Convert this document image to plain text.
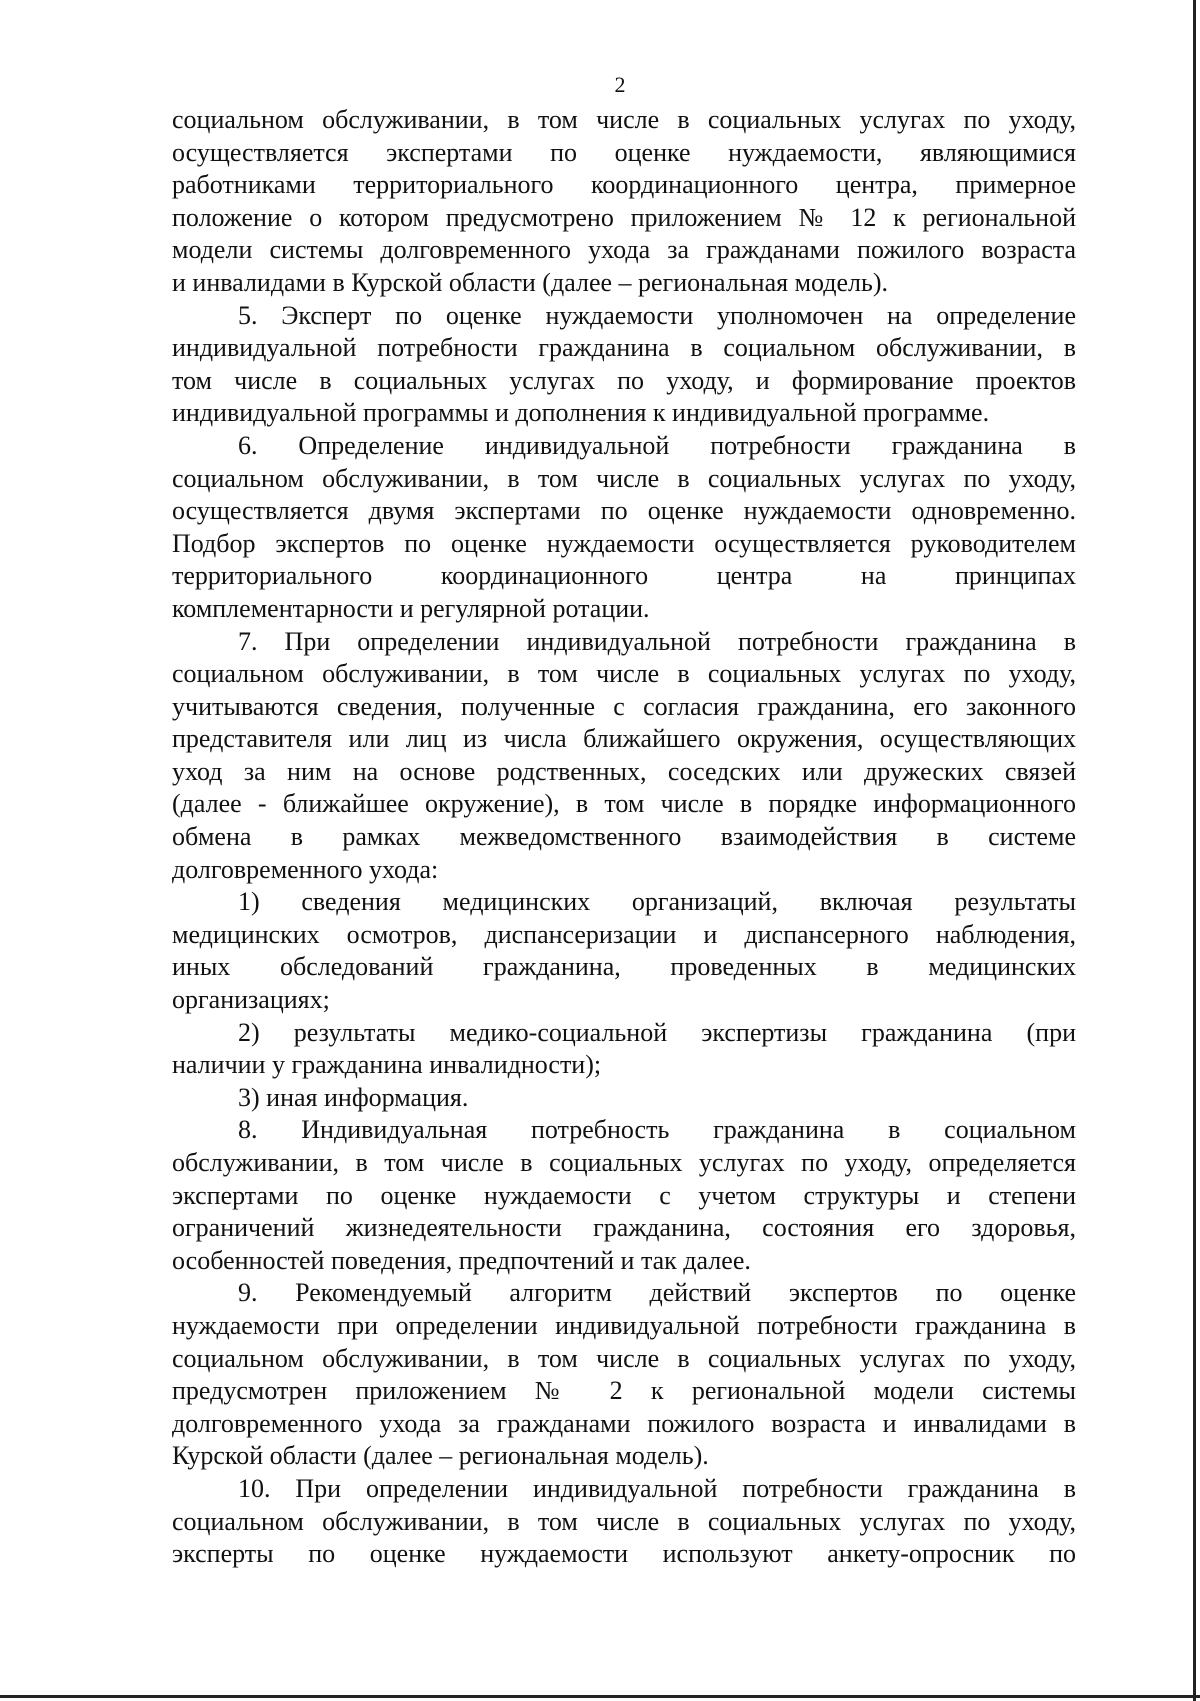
2
социальном обслуживании, в том числе в социальных услугах по уходу,
осуществляется экспертами по оценке нуждаемости, являющимися
работниками территориального координационного центра, примерное
положение о котором предусмотрено приложением № 12 к региональной
модели системы долговременного ухода за гражданами пожилого возраста
и инвалидами в Курской области (далее – региональная модель).
5. Эксперт по оценке нуждаемости уполномочен на определение
индивидуальной потребности гражданина в социальном обслуживании, в
том числе в социальных услугах по уходу, и формирование проектов
индивидуальной программы и дополнения к индивидуальной программе.
6. Определение индивидуальной потребности гражданина в
социальном обслуживании, в том числе в социальных услугах по уходу,
осуществляется двумя экспертами по оценке нуждаемости одновременно.
Подбор экспертов по оценке нуждаемости осуществляется руководителем
территориального координационного центра на принципах
комплементарности и регулярной ротации.
7. При определении индивидуальной потребности гражданина в
социальном обслуживании, в том числе в социальных услугах по уходу,
учитываются сведения, полученные с согласия гражданина, его законного
представителя или лиц из числа ближайшего окружения, осуществляющих
уход за ним на основе родственных, соседских или дружеских связей
(далее - ближайшее окружение), в том числе в порядке информационного
обмена в рамках межведомственного взаимодействия в системе
долговременного ухода:
1) сведения медицинских организаций, включая результаты
медицинских осмотров, диспансеризации и диспансерного наблюдения,
иных обследований гражданина, проведенных в медицинских
организациях;
2) результаты медико-социальной экспертизы гражданина (при
наличии у гражданина инвалидности);
3) иная информация.
8. Индивидуальная потребность гражданина в социальном
обслуживании, в том числе в социальных услугах по уходу, определяется
экспертами по оценке нуждаемости с учетом структуры и степени
ограничений жизнедеятельности гражданина, состояния его здоровья,
особенностей поведения, предпочтений и так далее.
9. Рекомендуемый алгоритм действий экспертов по оценке
нуждаемости при определении индивидуальной потребности гражданина в
социальном обслуживании, в том числе в социальных услугах по уходу,
предусмотрен приложением № 2 к региональной модели системы
долговременного ухода за гражданами пожилого возраста и инвалидами в
Курской области (далее – региональная модель).
10. При определении индивидуальной потребности гражданина в
социальном обслуживании, в том числе в социальных услугах по уходу,
эксперты по оценке нуждаемости используют анкету-опросник по
